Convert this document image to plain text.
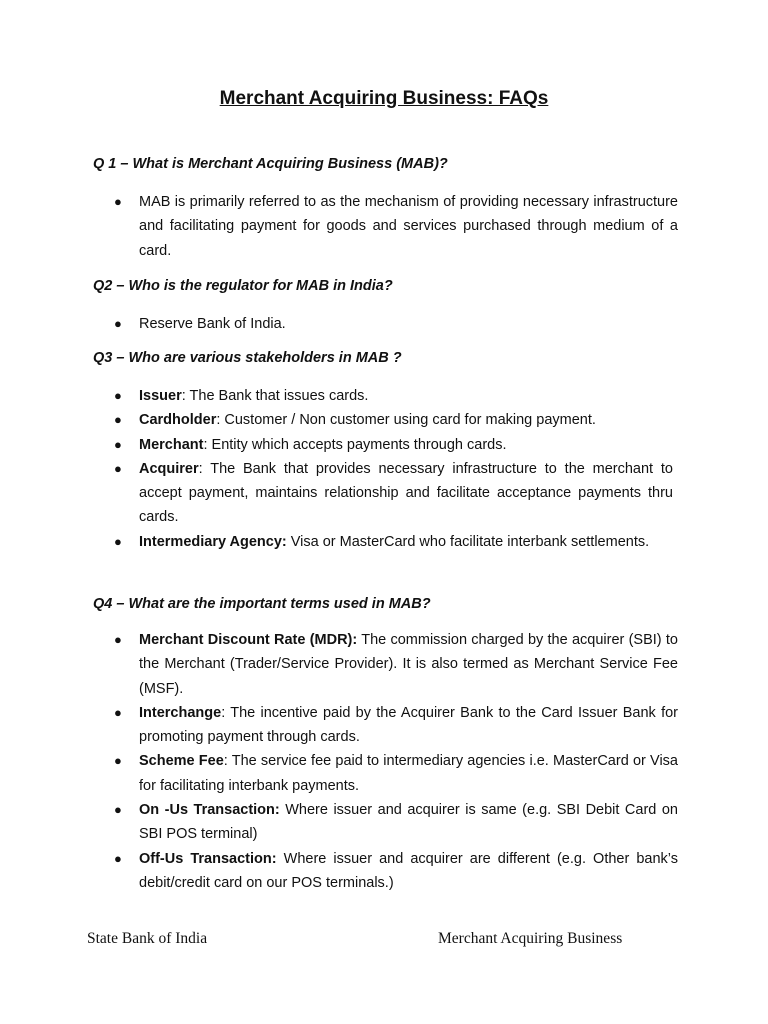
Merchant Acquiring Business: FAQs
Q 1 – What is Merchant Acquiring Business (MAB)?
● MAB is primarily referred to as the mechanism of providing necessary infrastructure and facilitating payment for goods and services purchased through medium of a card.
Q2 – Who is the regulator for MAB in India?
● Reserve Bank of India.
Q3 – Who are various stakeholders in MAB ?
● Issuer: The Bank that issues cards.
● Cardholder: Customer / Non customer using card for making payment.
● Merchant: Entity which accepts payments through cards.
● Acquirer: The Bank that provides necessary infrastructure to the merchant to accept payment, maintains relationship and facilitate acceptance payments thru cards.
● Intermediary Agency: Visa or MasterCard who facilitate interbank settlements.
Q4 – What are the important terms used in MAB?
● Merchant Discount Rate (MDR): The commission charged by the acquirer (SBI) to the Merchant (Trader/Service Provider). It is also termed as Merchant Service Fee (MSF).
● Interchange: The incentive paid by the Acquirer Bank to the Card Issuer Bank for promoting payment through cards.
● Scheme Fee: The service fee paid to intermediary agencies i.e. MasterCard or Visa for facilitating interbank payments.
● On -Us Transaction: Where issuer and acquirer is same (e.g. SBI Debit Card on SBI POS terminal)
● Off-Us Transaction: Where issuer and acquirer are different (e.g. Other bank’s debit/credit card on our POS terminals.)
State Bank of India	Merchant Acquiring Business
